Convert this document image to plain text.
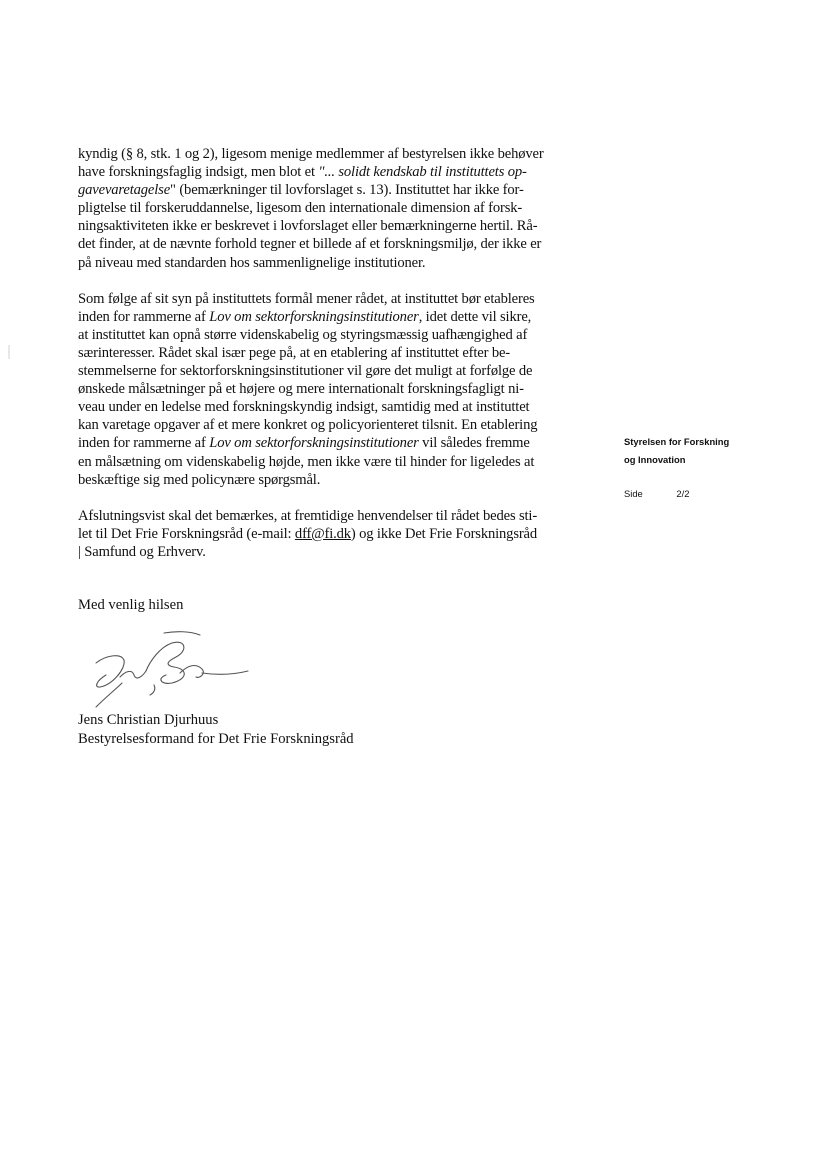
kyndig (§ 8, stk. 1 og 2), ligesom menige medlemmer af bestyrelsen ikke behøver
have forskningsfaglig indsigt, men blot et "... solidt kendskab til instituttets op-
gavevaretagelse" (bemærkninger til lovforslaget s. 13). Instituttet har ikke for-
pligtelse til forskeruddannelse, ligesom den internationale dimension af forsk-
ningsaktiviteten ikke er beskrevet i lovforslaget eller bemærkningerne hertil. Rå-
det finder, at de nævnte forhold tegner et billede af et forskningsmiljø, der ikke er
på niveau med standarden hos sammenlignelige institutioner.

Som følge af sit syn på instituttets formål mener rådet, at instituttet bør etableres
inden for rammerne af Lov om sektorforskningsinstitutioner, idet dette vil sikre,
at instituttet kan opnå større videnskabelig og styringsmæssig uafhængighed af
særinteresser. Rådet skal især pege på, at en etablering af instituttet efter be-
stemmelserne for sektorforskningsinstitutioner vil gøre det muligt at forfølge de
ønskede målsætninger på et højere og mere internationalt forskningsfagligt ni-
veau under en ledelse med forskningskyndig indsigt, samtidig med at instituttet
kan varetage opgaver af et mere konkret og policyorienteret tilsnit. En etablering
inden for rammerne af Lov om sektorforskningsinstitutioner vil således fremme
en målsætning om videnskabelig højde, men ikke være til hinder for ligeledes at
beskæftige sig med policynære spørgsmål.

Afslutningsvist skal det bemærkes, at fremtidige henvendelser til rådet bedes sti-
let til Det Frie Forskningsråd (e-mail: dff@fi.dk) og ikke Det Frie Forskningsråd
| Samfund og Erhverv.

Med venlig hilsen
Jens Christian Djurhuus
Bestyrelsesformand for Det Frie Forskningsråd
Styrelsen for Forskning
og Innovation
Side	2/2
